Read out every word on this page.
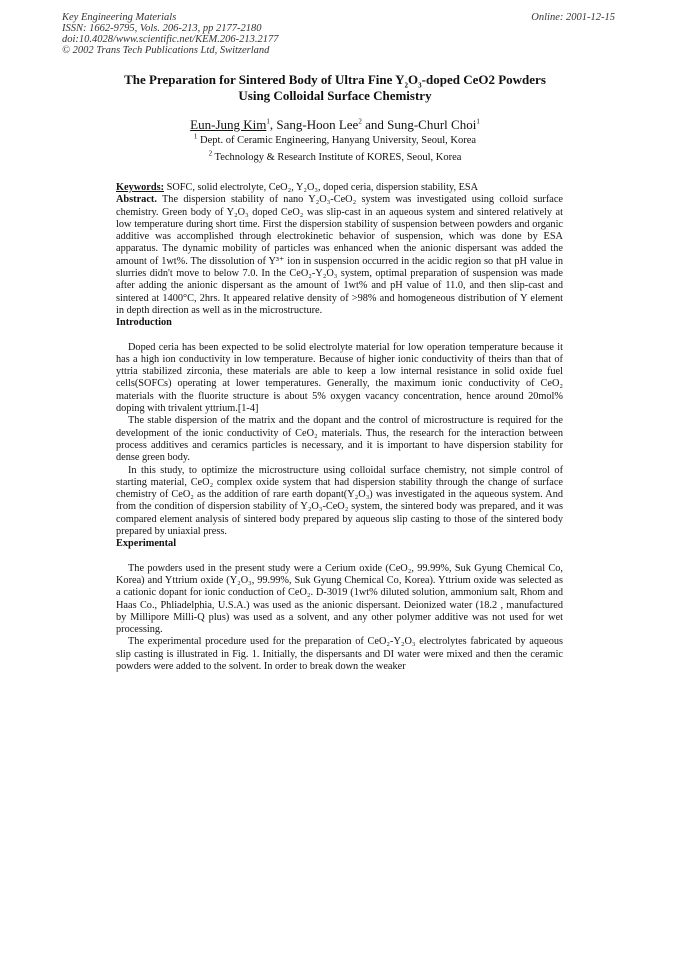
Key Engineering Materials
ISSN: 1662-9795, Vols. 206-213, pp 2177-2180
doi:10.4028/www.scientific.net/KEM.206-213.2177
© 2002 Trans Tech Publications Ltd, Switzerland
Online: 2001-12-15
The Preparation for Sintered Body of Ultra Fine $Y_2O_3$-doped CeO2 Powders
Using Colloidal Surface Chemistry
Eun-Jung Kim$^1$, Sang-Hoon Lee$^2$ and Sung-Churl Choi$^1$
$^1$ Dept. of Ceramic Engineering, Hanyang University, Seoul, Korea
$^2$ Technology & Research Institute of KORES, Seoul, Korea

Keywords: SOFC, solid electrolyte, CeO₂, Y₂O₃, doped ceria, dispersion stability, ESA

Abstract. The dispersion stability of nano Y₂O₃-CeO₂ system was investigated using colloid surface chemistry. Green body of Y₂O₃ doped CeO₂ was slip-cast in an aqueous system and sintered relatively at low temperature during short time. First the dispersion stability of suspension between powders and organic additive was accomplished through electrokinetic behavior of suspension, which was done by ESA apparatus. The dynamic mobility of particles was enhanced when the anionic dispersant was added the amount of 1wt%. The dissolution of Y³⁺ ion in suspension occurred in the acidic region so that pH value in slurries didn't move to below 7.0. In the CeO₂-Y₂O₃ system, optimal preparation of suspension was made after adding the anionic dispersant as the amount of 1wt% and pH value of 11.0, and then slip-cast and sintered at 1400°C, 2hrs. It appeared relative density of >98% and homogeneous distribution of Y element in depth direction as well as in the microstructure.

Introduction

Doped ceria has been expected to be solid electrolyte material for low operation temperature because it has a high ion conductivity in low temperature. Because of higher ionic conductivity of theirs than that of yttria stabilized zirconia, these materials are able to keep a low internal resistance in solid oxide fuel cells(SOFCs) operating at lower temperatures. Generally, the maximum ionic conductivity of CeO₂ materials with the fluorite structure is about 5% oxygen vacancy concentration, hence around 20mol% doping with trivalent yttrium.[1-4]

The stable dispersion of the matrix and the dopant and the control of microstructure is required for the development of the ionic conductivity of CeO₂ materials. Thus, the research for the interaction between process additives and ceramics particles is necessary, and it is important to have dispersion stability for dense green body.

In this study, to optimize the microstructure using colloidal surface chemistry, not simple control of starting material, CeO₂ complex oxide system that had dispersion stability through the change of surface chemistry of CeO₂ as the addition of rare earth dopant(Y₂O₃) was investigated in the aqueous system. And from the condition of dispersion stability of Y₂O₃-CeO₂ system, the sintered body was prepared, and it was compared element analysis of sintered body prepared by aqueous slip casting to those of the sintered body prepared by uniaxial press.

Experimental

The powders used in the present study were a Cerium oxide (CeO₂, 99.99%, Suk Gyung Chemical Co, Korea) and Yttrium oxide (Y₂O₃, 99.99%, Suk Gyung Chemical Co, Korea). Yttrium oxide was selected as a cationic dopant for ionic conduction of CeO₂. D-3019 (1wt% diluted solution, ammonium salt, Rhom and Haas Co., Phliadelphia, U.S.A.) was used as the anionic dispersant. Deionized water (18.2 , manufactured by Millipore Milli-Q plus) was used as a solvent, and any other polymer additive was not used for wet processing.

The experimental procedure used for the preparation of CeO₂-Y₂O₃ electrolytes fabricated by aqueous slip casting is illustrated in Fig. 1. Initially, the dispersants and DI water were mixed and then the ceramic powders were added to the solvent. In order to break down the weaker
